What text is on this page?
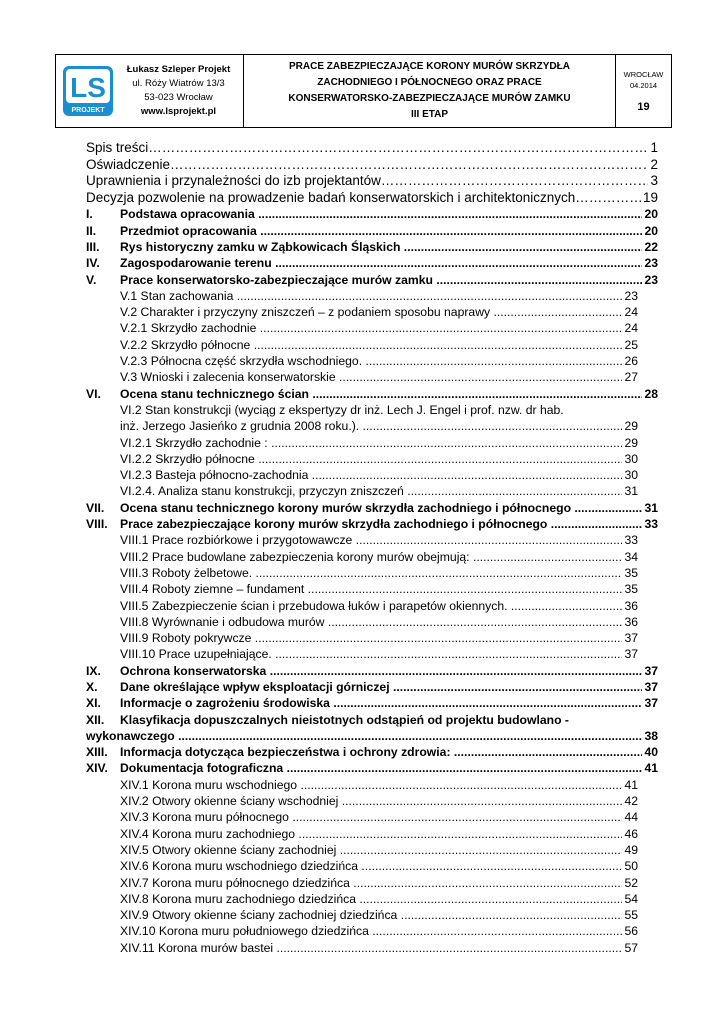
LS
PROJEKT
Łukasz Szleper Projekt
ul. Róży Wiatrów 13/3
53-023 Wrocław
www.lsprojekt.pl
PRACE ZABEZPIECZAJĄCE KORONY MURÓW SKRZYDŁA
ZACHODNIEGO I PÓŁNOCNEGO ORAZ PRACE
KONSERWATORSKO-ZABEZPIECZAJĄCE MURÓW ZAMKU
III ETAP
WROCŁAW
04.2014
19
Spis treści ……………………………………………………………………………………………………………………………………………………………………………………………………	1
Oświadczenie ……………………………………………………………………………………………………………………………………………………………………………………………………	2
Uprawnienia i przynależności do izb projektantów ……………………………………………………………………………………………………………………………………………………………………………………………………	3
Decyzja pozwolenie na prowadzenie badań konserwatorskich i architektonicznych ……………………………………………………………………………………………………………………………………………………………………………………………………	19
I.	Podstawa opracowania .....	20
II.	Przedmiot opracowania .....	20
III.	Rys historyczny zamku w Ząbkowicach Śląskich .....	22
IV.	Zagospodarowanie terenu .....	23
V.	Prace konserwatorsko-zabezpieczające murów zamku .....	23
V.1 Stan zachowania .....	23
V.2 Charakter i przyczyny zniszczeń – z podaniem sposobu naprawy .....	24
V.2.1 Skrzydło zachodnie .....	24
V.2.2 Skrzydło północne .....	25
V.2.3 Północna część skrzydła wschodniego. .....	26
V.3 Wnioski i zalecenia konserwatorskie .....	27
VI.	Ocena stanu technicznego ścian .....	28
VI.2 Stan konstrukcji (wyciąg z ekspertyzy dr inż. Lech J. Engel i prof. nzw. dr hab.
inż. Jerzego Jasieńko z grudnia 2008 roku.). .....	29
VI.2.1 Skrzydło zachodnie : .....	29
VI.2.2 Skrzydło północne .....	30
VI.2.3 Basteja północno-zachodnia .....	30
VI.2.4. Analiza stanu konstrukcji, przyczyn zniszczeń .....	31
VII.	Ocena stanu technicznego korony murów skrzydła zachodniego i północnego .....	31
VIII.	Prace zabezpieczające korony murów skrzydła zachodniego i północnego .....	33
VIII.1 Prace rozbiórkowe i przygotowawcze .....	33
VIII.2 Prace budowlane zabezpieczenia korony murów obejmują: .....	34
VIII.3 Roboty żelbetowe. .....	35
VIII.4 Roboty ziemne – fundament .....	35
VIII.5 Zabezpieczenie ścian i przebudowa łuków i parapetów okiennych. .....	36
VIII.8 Wyrównanie i odbudowa murów .....	36
VIII.9 Roboty pokrywcze .....	37
VIII.10 Prace uzupełniające. .....	37
IX.	Ochrona konserwatorska .....	37
X.	Dane określające wpływ eksploatacji górniczej .....	37
XI.	Informacje o zagrożeniu środowiska .....	37
XII. Klasyfikacja dopuszczalnych nieistotnych odstąpień od projektu budowlano -
wykonawczego .....	38
XIII.	Informacja dotycząca bezpieczeństwa i ochrony zdrowia: .....	40
XIV. Dokumentacja fotograficzna .....	41
XIV.1 Korona muru wschodniego .....	41
XIV.2 Otwory okienne ściany wschodniej .....	42
XIV.3 Korona muru północnego .....	44
XIV.4 Korona muru zachodniego .....	46
XIV.5 Otwory okienne ściany zachodniej .....	49
XIV.6 Korona muru wschodniego dziedzińca .....	50
XIV.7 Korona muru północnego dziedzińca .....	52
XIV.8 Korona muru zachodniego dziedzińca .....	54
XIV.9 Otwory okienne ściany zachodniej dziedzińca .....	55
XIV.10 Korona muru południowego dziedzińca .....	56
XIV.11 Korona murów bastei .....	57
